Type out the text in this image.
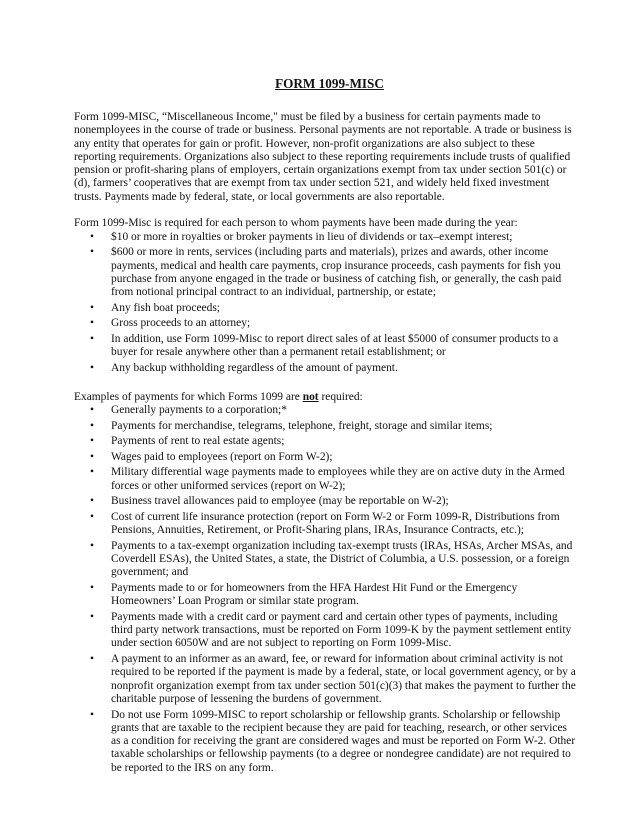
FORM 1099-MISC

Form 1099-MISC, “Miscellaneous Income," must be filed by a business for certain payments made to nonemployees in the course of trade or business. Personal payments are not reportable. A trade or business is any entity that operates for gain or profit. However, non-profit organizations are also subject to these reporting requirements. Organizations also subject to these reporting requirements include trusts of qualified pension or profit-sharing plans of employers, certain organizations exempt from tax under section 501(c) or (d), farmers’ cooperatives that are exempt from tax under section 521, and widely held fixed investment trusts. Payments made by federal, state, or local governments are also reportable.

Form 1099-Misc is required for each person to whom payments have been made during the year:

• $10 or more in royalties or broker payments in lieu of dividends or tax–exempt interest;
• $600 or more in rents, services (including parts and materials), prizes and awards, other income payments, medical and health care payments, crop insurance proceeds, cash payments for fish you purchase from anyone engaged in the trade or business of catching fish, or generally, the cash paid from notional principal contract to an individual, partnership, or estate;
• Any fish boat proceeds;
• Gross proceeds to an attorney;
• In addition, use Form 1099-Misc to report direct sales of at least $5000 of consumer products to a buyer for resale anywhere other than a permanent retail establishment; or
• Any backup withholding regardless of the amount of payment.

Examples of payments for which Forms 1099 are not required:

• Generally payments to a corporation;*
• Payments for merchandise, telegrams, telephone, freight, storage and similar items;
• Payments of rent to real estate agents;
• Wages paid to employees (report on Form W-2);
• Military differential wage payments made to employees while they are on active duty in the Armed forces or other uniformed services (report on W-2);
• Business travel allowances paid to employee (may be reportable on W-2);
• Cost of current life insurance protection (report on Form W-2 or Form 1099-R, Distributions from Pensions, Annuities, Retirement, or Profit-Sharing plans, IRAs, Insurance Contracts, etc.);
• Payments to a tax-exempt organization including tax-exempt trusts (IRAs, HSAs, Archer MSAs, and Coverdell ESAs), the United States, a state, the District of Columbia, a U.S. possession, or a foreign government; and
• Payments made to or for homeowners from the HFA Hardest Hit Fund or the Emergency Homeowners’ Loan Program or similar state program.
• Payments made with a credit card or payment card and certain other types of payments, including third party network transactions, must be reported on Form 1099-K by the payment settlement entity under section 6050W and are not subject to reporting on Form 1099-Misc.
• A payment to an informer as an award, fee, or reward for information about criminal activity is not required to be reported if the payment is made by a federal, state, or local government agency, or by a nonprofit organization exempt from tax under section 501(c)(3) that makes the payment to further the charitable purpose of lessening the burdens of government.
• Do not use Form 1099-MISC to report scholarship or fellowship grants. Scholarship or fellowship grants that are taxable to the recipient because they are paid for teaching, research, or other services as a condition for receiving the grant are considered wages and must be reported on Form W-2. Other taxable scholarships or fellowship payments (to a degree or nondegree candidate) are not required to be reported to the IRS on any form.
